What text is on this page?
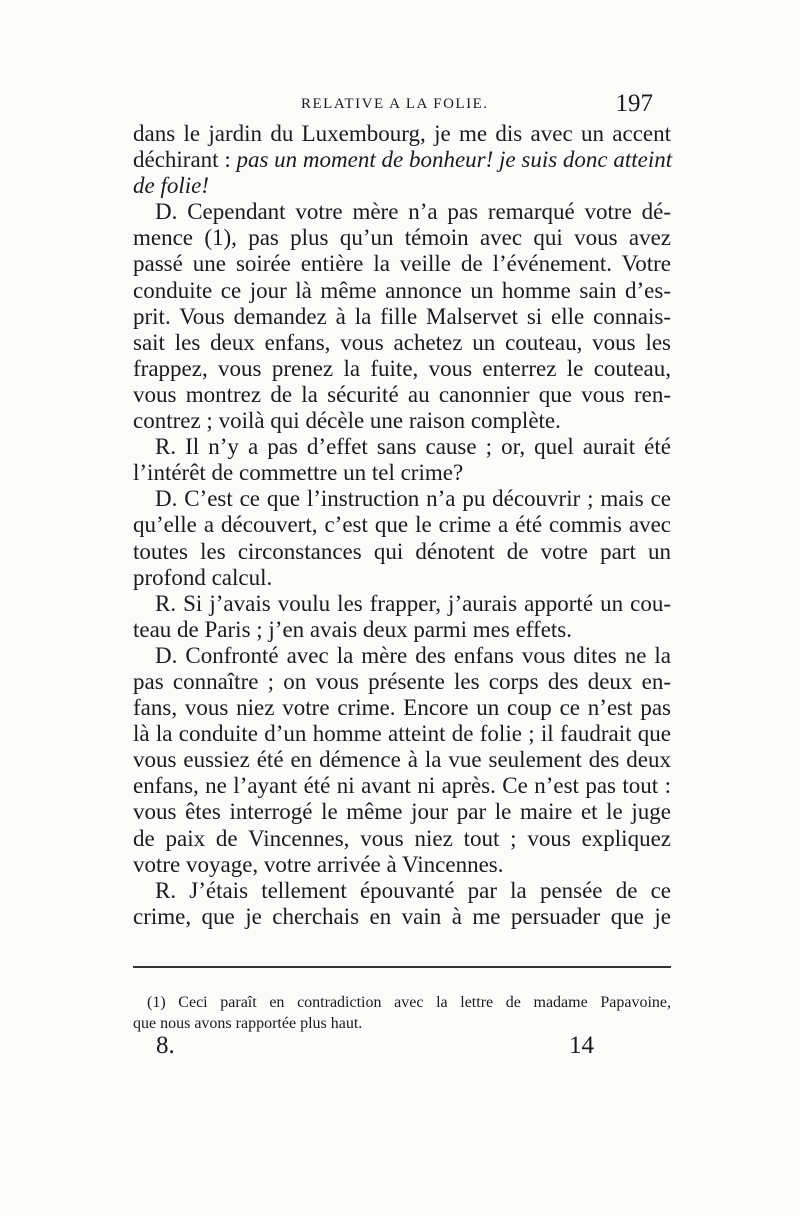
RELATIVE A LA FOLIE.	197
dans le jardin du Luxembourg, je me dis avec un accent
déchirant : pas un moment de bonheur! je suis donc atteint
de folie!
D. Cependant votre mère n’a pas remarqué votre dé-
mence (1), pas plus qu’un témoin avec qui vous avez
passé une soirée entière la veille de l’événement. Votre
conduite ce jour là même annonce un homme sain d’es-
prit. Vous demandez à la fille Malservet si elle connais-
sait les deux enfans, vous achetez un couteau, vous les
frappez, vous prenez la fuite, vous enterrez le couteau,
vous montrez de la sécurité au canonnier que vous ren-
contrez ; voilà qui décèle une raison complète.
R. Il n’y a pas d’effet sans cause ; or, quel aurait été
l’intérêt de commettre un tel crime?
D. C’est ce que l’instruction n’a pu découvrir ; mais ce
qu’elle a découvert, c’est que le crime a été commis avec
toutes les circonstances qui dénotent de votre part un
profond calcul.
R. Si j’avais voulu les frapper, j’aurais apporté un cou-
teau de Paris ; j’en avais deux parmi mes effets.
D. Confronté avec la mère des enfans vous dites ne la
pas connaître ; on vous présente les corps des deux en-
fans, vous niez votre crime. Encore un coup ce n’est pas
là la conduite d’un homme atteint de folie ; il faudrait que
vous eussiez été en démence à la vue seulement des deux
enfans, ne l’ayant été ni avant ni après. Ce n’est pas tout :
vous êtes interrogé le même jour par le maire et le juge
de paix de Vincennes, vous niez tout ; vous expliquez
votre voyage, votre arrivée à Vincennes.
R. J’étais tellement épouvanté par la pensée de ce
crime, que je cherchais en vain à me persuader que je
(1) Ceci paraît en contradiction avec la lettre de madame Papavoine,
que nous avons rapportée plus haut.
8.	14
